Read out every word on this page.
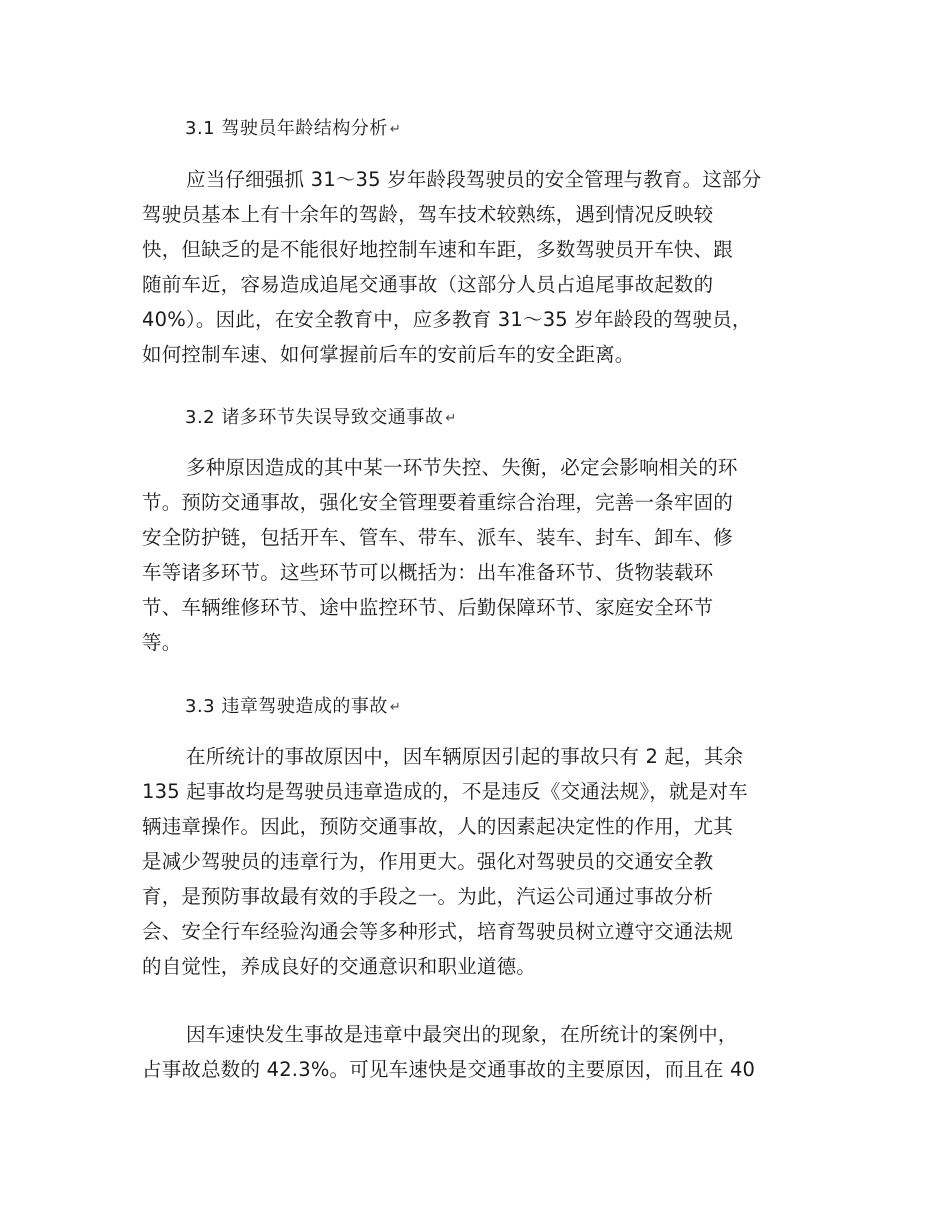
3.1 驾驶员年龄结构分析 ↵

应当仔细强抓 31～35 岁年龄段驾驶员的安全管理与教育。这部分

驾驶员基本上有十余年的驾龄，驾车技术较熟练，遇到情况反映较

快，但缺乏的是不能很好地控制车速和车距，多数驾驶员开车快、跟

随前车近，容易造成追尾交通事故（这部分人员占追尾事故起数的

40%）。因此，在安全教育中，应多教育 31～35 岁年龄段的驾驶员，

如何控制车速、如何掌握前后车的安前后车的安全距离。

3.2 诸多环节失误导致交通事故 ↵

多种原因造成的其中某一环节失控、失衡，必定会影响相关的环

节。预防交通事故，强化安全管理要着重综合治理，完善一条牢固的

安全防护链，包括开车、管车、带车、派车、装车、封车、卸车、修

车等诸多环节。这些环节可以概括为：出车准备环节、货物装载环

节、车辆维修环节、途中监控环节、后勤保障环节、家庭安全环节

等。

3.3 违章驾驶造成的事故 ↵

在所统计的事故原因中，因车辆原因引起的事故只有 2 起，其余

135 起事故均是驾驶员违章造成的，不是违反《交通法规》，就是对车

辆违章操作。因此，预防交通事故，人的因素起决定性的作用，尤其

是减少驾驶员的违章行为，作用更大。强化对驾驶员的交通安全教

育，是预防事故最有效的手段之一。为此，汽运公司通过事故分析

会、安全行车经验沟通会等多种形式，培育驾驶员树立遵守交通法规

的自觉性，养成良好的交通意识和职业道德。

因车速快发生事故是违章中最突出的现象，在所统计的案例中，

占事故总数的 42.3%。可见车速快是交通事故的主要原因，而且在 40
